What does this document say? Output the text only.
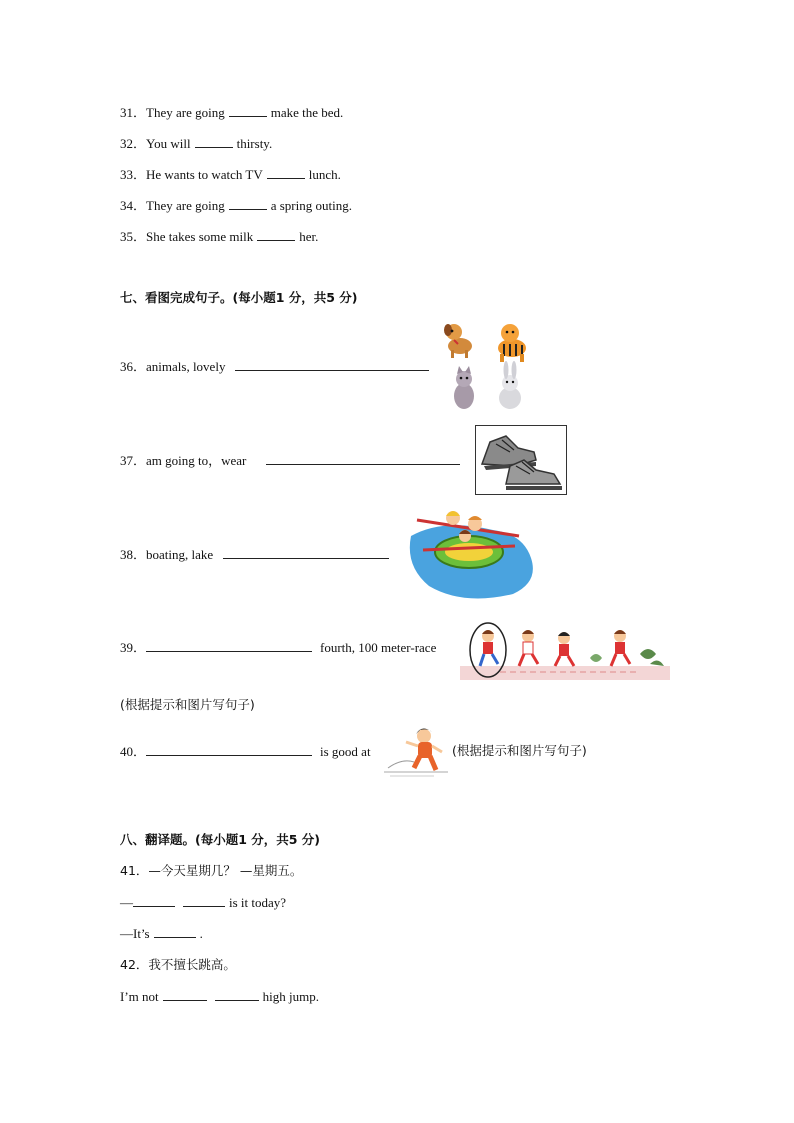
31．They are going	make the bed.
32．You will	thirsty.
33．He wants to watch TV	lunch.
34．They are going	a spring outing.
35．She takes some milk	her.
七、看图完成句子。(每小题1 分，共5 分)
36．animals, lovely
37．am going to，wear
38．boating, lake
39．	fourth, 100 meter-race
(根据提示和图片写句子)
40．	is good at	(根据提示和图片写句子)
八、翻译题。(每小题1 分，共5 分)
41．—今天星期几？ —星期五。
—	is it today?
—It’s	.
42．我不擅长跳高。
I’m not	high jump.
